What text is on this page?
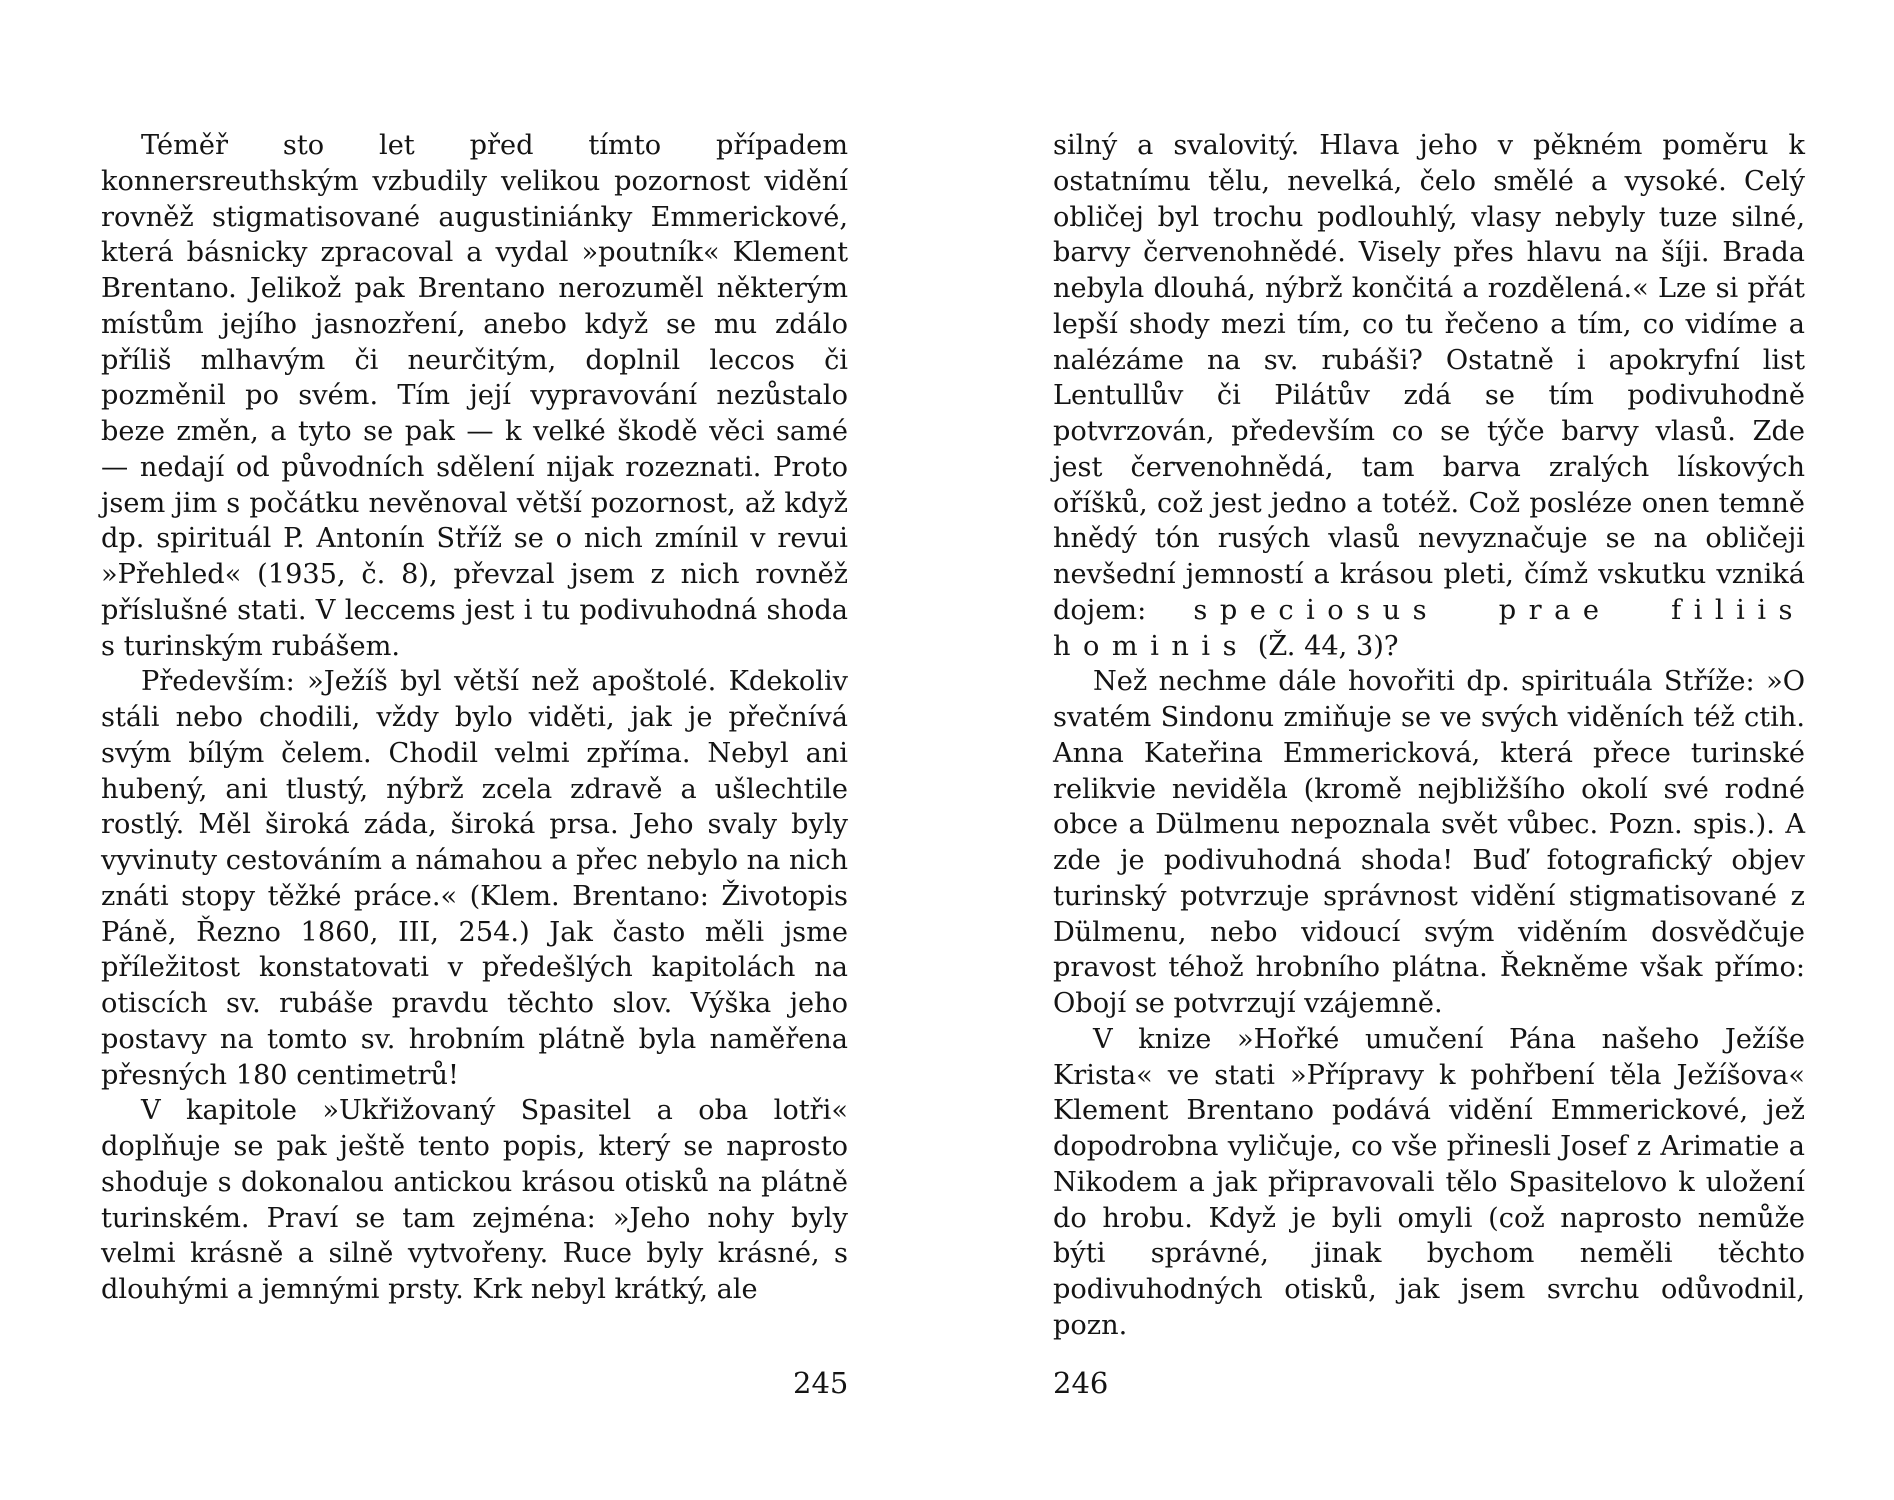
Téměř sto let před tímto případem konnersreuthským vzbudily velikou pozornost vidění rovněž stigmatisované augustiniánky Emmerickové, která básnicky zpracoval a vydal »poutník« Klement Brentano. Jelikož pak Brentano nerozuměl některým místům jejího jasnozření, anebo když se mu zdálo příliš mlhavým či neurčitým, doplnil leccos či pozměnil po svém. Tím její vypravování nezůstalo beze změn, a tyto se pak — k velké škodě věci samé — nedají od původních sdělení nijak rozeznati. Proto jsem jim s počátku nevěnoval větší pozornost, až když dp. spirituál P. Antonín Stříž se o nich zmínil v revui »Přehled« (1935, č. 8), převzal jsem z nich rovněž příslušné stati. V leccems jest i tu podivuhodná shoda s turinským rubášem.

Především: »Ježíš byl větší než apoštolé. Kdekoliv stáli nebo chodili, vždy bylo viděti, jak je přečnívá svým bílým čelem. Chodil velmi zpříma. Nebyl ani hubený, ani tlustý, nýbrž zcela zdravě a ušlechtile rostlý. Měl široká záda, široká prsa. Jeho svaly byly vyvinuty cestováním a námahou a přec nebylo na nich znáti stopy těžké práce.« (Klem. Brentano: Životopis Páně, Řezno 1860, III, 254.) Jak často měli jsme příležitost konstatovati v předešlých kapitolách na otiscích sv. rubáše pravdu těchto slov. Výška jeho postavy na tomto sv. hrobním plátně byla naměřena přesných 180 centimetrů!

V kapitole »Ukřižovaný Spasitel a oba lotři« doplňuje se pak ještě tento popis, který se naprosto shoduje s dokonalou antickou krásou otisků na plátně turinském. Praví se tam zejména: »Jeho nohy byly velmi krásně a silně vytvořeny. Ruce byly krásné, s dlouhými a jemnými prsty. Krk nebyl krátký, ale

245

silný a svalovitý. Hlava jeho v pěkném poměru k ostatnímu tělu, nevelká, čelo smělé a vysoké. Celý obličej byl trochu podlouhlý, vlasy nebyly tuze silné, barvy červenohnědé. Visely přes hlavu na šíji. Brada nebyla dlouhá, nýbrž končitá a rozdělená.« Lze si přát lepší shody mezi tím, co tu řečeno a tím, co vidíme a nalézáme na sv. rubáši? Ostatně i apokryfní list Lentullův či Pilátův zdá se tím podivuhodně potvrzován, především co se týče barvy vlasů. Zde jest červenohnědá, tam barva zralých lískových oříšků, což jest jedno a totéž. Což posléze onen temně hnědý tón rusých vlasů nevyznačuje se na obličeji nevšední jemností a krásou pleti, čímž vskutku vzniká dojem: speciosus prae filiis hominis (Ž. 44, 3)?

Než nechme dále hovořiti dp. spirituála Stříže: »O svatém Sindonu zmiňuje se ve svých viděních též ctih. Anna Kateřina Emmericková, která přece turinské relikvie neviděla (kromě nejbližšího okolí své rodné obce a Dülmenu nepoznala svět vůbec. Pozn. spis.). A zde je podivuhodná shoda! Buď fotografický objev turinský potvrzuje správnost vidění stigmatisované z Dülmenu, nebo vidoucí svým viděním dosvědčuje pravost téhož hrobního plátna. Řekněme však přímo: Obojí se potvrzují vzájemně.

V knize »Hořké umučení Pána našeho Ježíše Krista« ve stati »Přípravy k pohřbení těla Ježíšova« Klement Brentano podává vidění Emmerickové, jež dopodrobna vyličuje, co vše přinesli Josef z Arimatie a Nikodem a jak připravovali tělo Spasitelovo k uložení do hrobu. Když je byli omyli (což naprosto nemůže býti správné, jinak bychom neměli těchto podivuhodných otisků, jak jsem svrchu odůvodnil, pozn.

246
